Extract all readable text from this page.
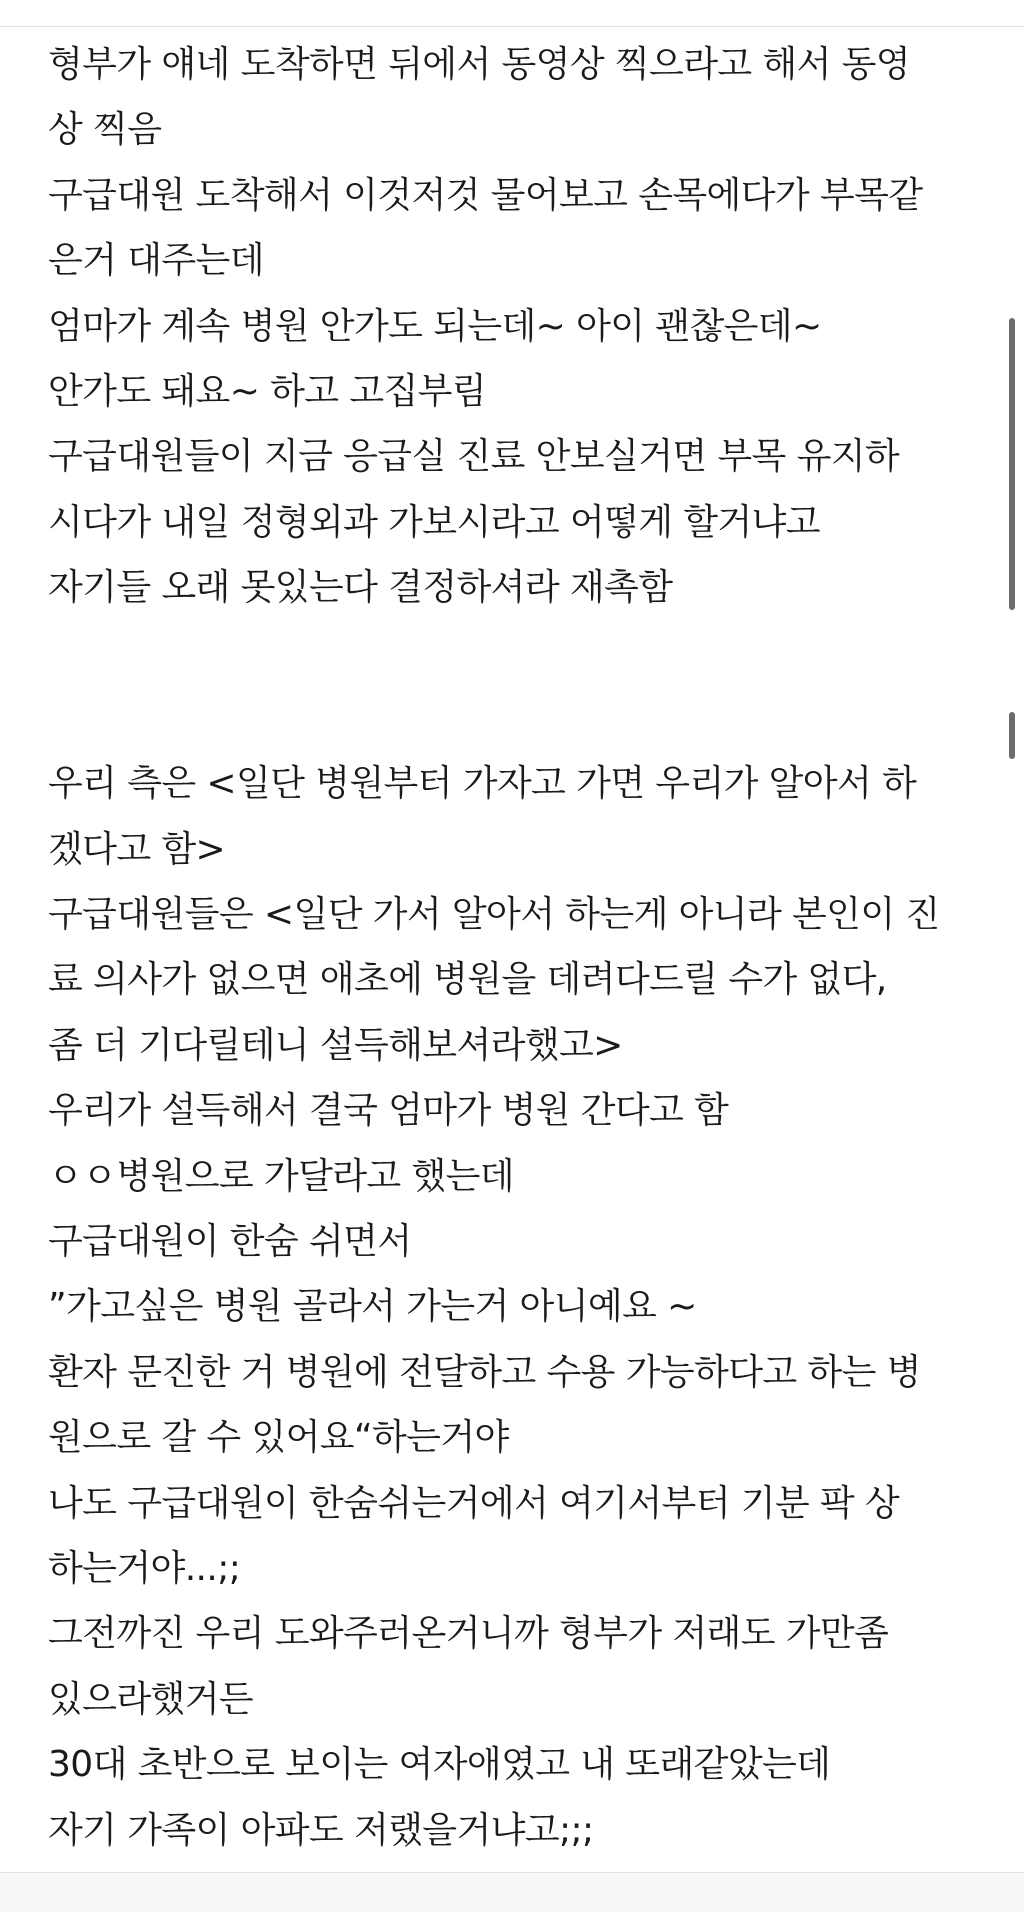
형부가 얘네 도착하면 뒤에서 동영상 찍으라고 해서 동영
상 찍음
구급대원 도착해서 이것저것 물어보고 손목에다가 부목같
은거 대주는데
엄마가 계속 병원 안가도 되는데~ 아이 괜찮은데~
안가도 돼요~ 하고 고집부림
구급대원들이 지금 응급실 진료 안보실거면 부목 유지하
시다가 내일 정형외과 가보시라고 어떻게 할거냐고
자기들 오래 못있는다 결정하셔라 재촉함
우리 측은 <일단 병원부터 가자고 가면 우리가 알아서 하
겠다고 함>
구급대원들은 <일단 가서 알아서 하는게 아니라 본인이 진
료 의사가 없으면 애초에 병원을 데려다드릴 수가 없다,
좀 더 기다릴테니 설득해보셔라했고>
우리가 설득해서 결국 엄마가 병원 간다고 함
ㅇㅇ병원으로 가달라고 했는데
구급대원이 한숨 쉬면서
”가고싶은 병원 골라서 가는거 아니예요 ~
환자 문진한 거 병원에 전달하고 수용 가능하다고 하는 병
원으로 갈 수 있어요“하는거야
나도 구급대원이 한숨쉬는거에서 여기서부터 기분 팍 상
하는거야...;;
그전까진 우리 도와주러온거니까 형부가 저래도 가만좀
있으라했거든
30대 초반으로 보이는 여자애였고 내 또래같았는데
자기 가족이 아파도 저랬을거냐고;;;
